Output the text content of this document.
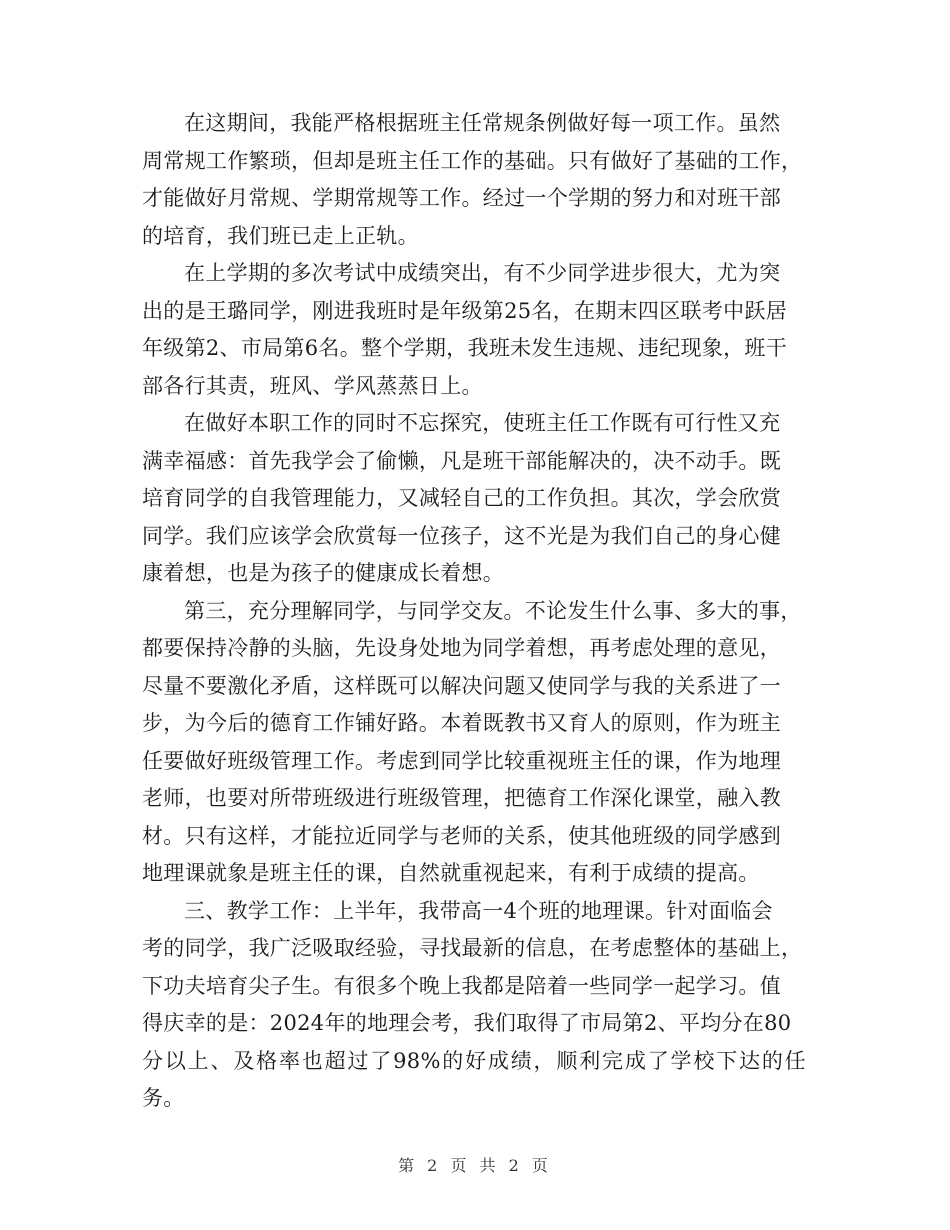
在这期间，我能严格根据班主任常规条例做好每一项工作。虽然
周常规工作繁琐，但却是班主任工作的基础。只有做好了基础的工作，
才能做好月常规、学期常规等工作。经过一个学期的努力和对班干部
的培育，我们班已走上正轨。

在上学期的多次考试中成绩突出，有不少同学进步很大，尤为突
出的是王璐同学，刚进我班时是年级第25名，在期末四区联考中跃居
年级第2、市局第6名。整个学期，我班未发生违规、违纪现象，班干
部各行其责，班风、学风蒸蒸日上。

在做好本职工作的同时不忘探究，使班主任工作既有可行性又充
满幸福感：首先我学会了偷懒，凡是班干部能解决的，决不动手。既
培育同学的自我管理能力，又减轻自己的工作负担。其次，学会欣赏
同学。我们应该学会欣赏每一位孩子，这不光是为我们自己的身心健
康着想，也是为孩子的健康成长着想。

第三，充分理解同学，与同学交友。不论发生什么事、多大的事，
都要保持冷静的头脑，先设身处地为同学着想，再考虑处理的意见，
尽量不要激化矛盾，这样既可以解决问题又使同学与我的关系进了一
步，为今后的德育工作铺好路。本着既教书又育人的原则，作为班主
任要做好班级管理工作。考虑到同学比较重视班主任的课，作为地理
老师，也要对所带班级进行班级管理，把德育工作深化课堂，融入教
材。只有这样，才能拉近同学与老师的关系，使其他班级的同学感到
地理课就象是班主任的课，自然就重视起来，有利于成绩的提高。

三、教学工作：上半年，我带高一4个班的地理课。针对面临会
考的同学，我广泛吸取经验，寻找最新的信息，在考虑整体的基础上，
下功夫培育尖子生。有很多个晚上我都是陪着一些同学一起学习。值
得庆幸的是：2024年的地理会考，我们取得了市局第2、平均分在80
分以上、及格率也超过了98%的好成绩，顺利完成了学校下达的任务。

第 2 页 共 2 页
